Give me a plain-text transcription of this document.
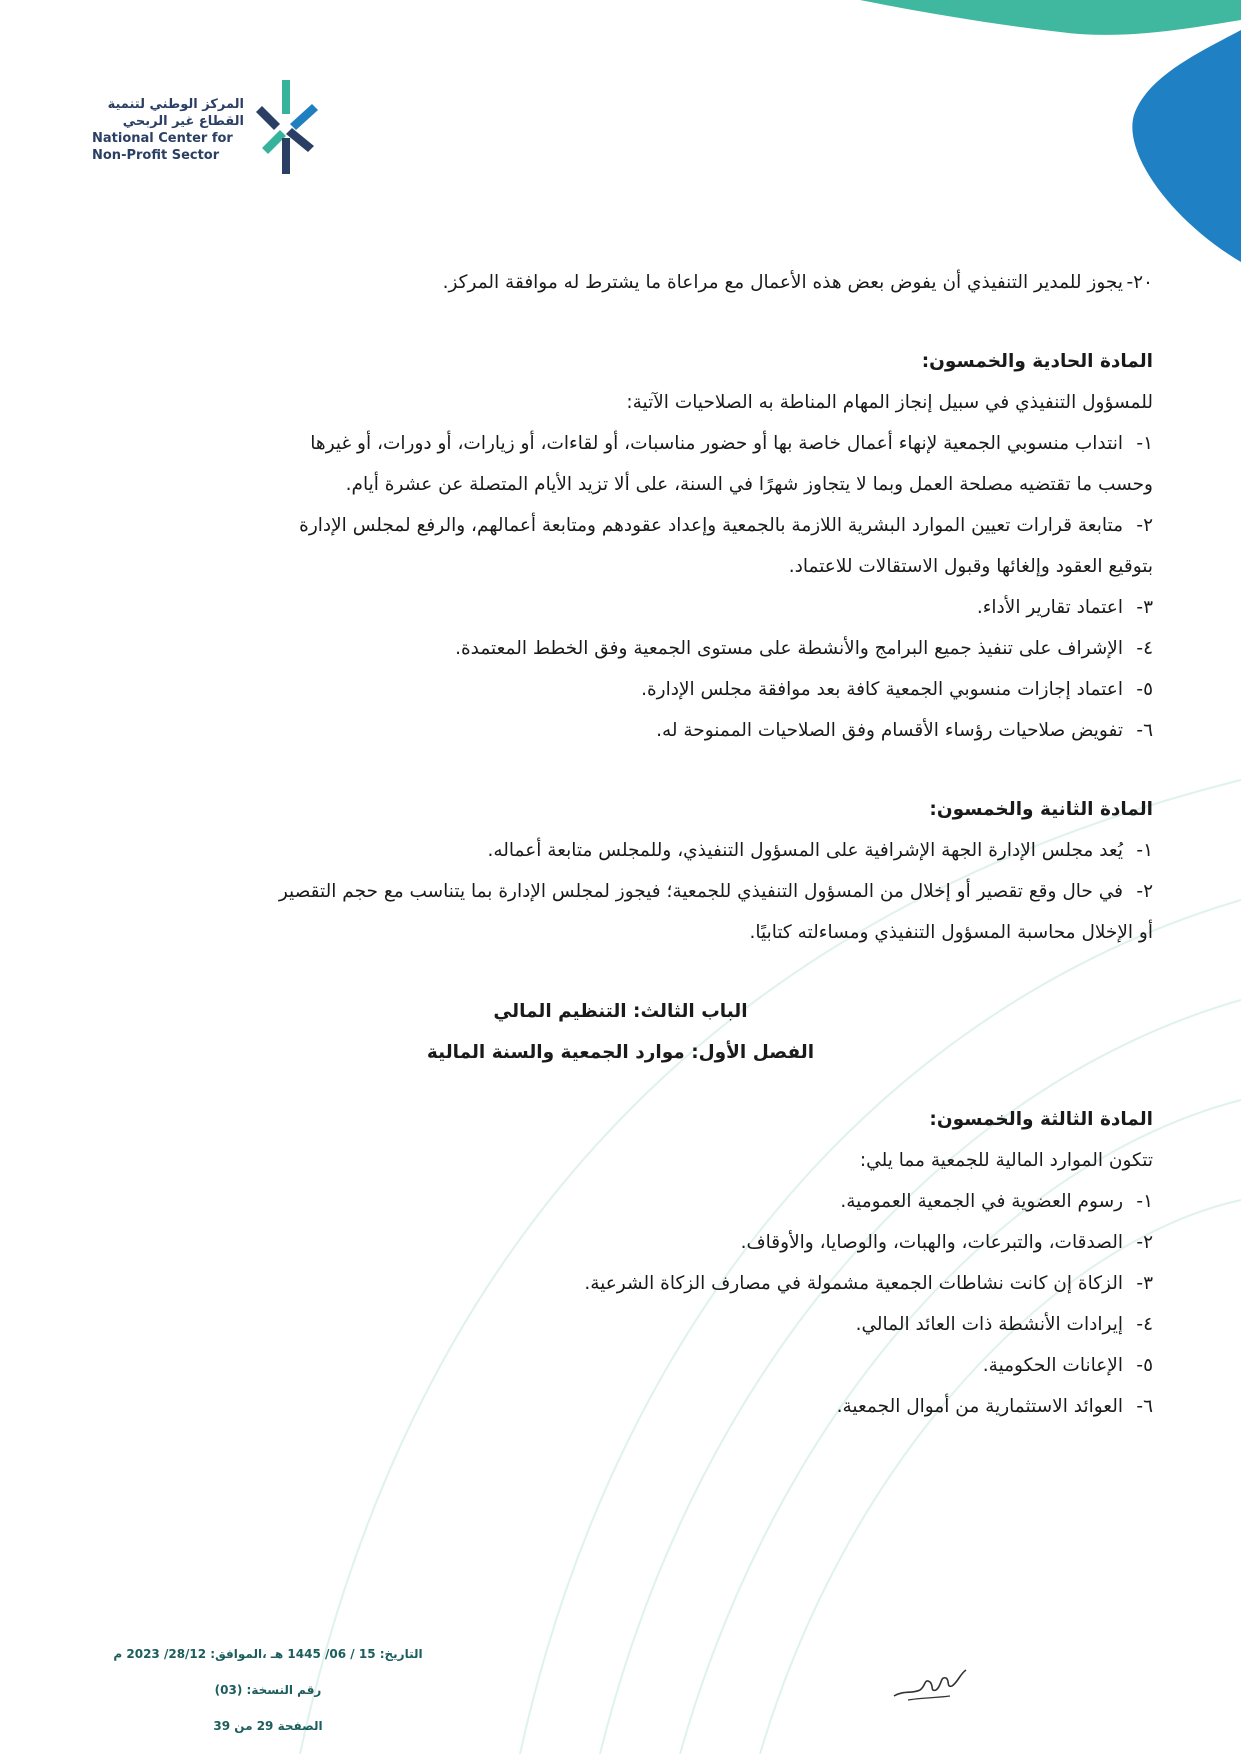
المركز الوطني لتنمية
القطاع غير الربحي
National Center for
Non-Profit Sector

٢٠-يجوز للمدير التنفيذي أن يفوض بعض هذه الأعمال مع مراعاة ما يشترط له موافقة المركز.

المادة الحادية والخمسون:

للمسؤول التنفيذي في سبيل إنجاز المهام المناطة به الصلاحيات الآتية:

١-انتداب منسوبي الجمعية لإنهاء أعمال خاصة بها أو حضور مناسبات، أو لقاءات، أو زيارات، أو دورات، أو غيرها

وحسب ما تقتضيه مصلحة العمل وبما لا يتجاوز شهرًا في السنة، على ألا تزيد الأيام المتصلة عن عشرة أيام.

٢-متابعة قرارات تعيين الموارد البشرية اللازمة بالجمعية وإعداد عقودهم ومتابعة أعمالهم، والرفع لمجلس الإدارة

بتوقيع العقود وإلغائها وقبول الاستقالات للاعتماد.

٣-اعتماد تقارير الأداء.

٤-الإشراف على تنفيذ جميع البرامج والأنشطة على مستوى الجمعية وفق الخطط المعتمدة.

٥-اعتماد إجازات منسوبي الجمعية كافة بعد موافقة مجلس الإدارة.

٦-تفويض صلاحيات رؤساء الأقسام وفق الصلاحيات الممنوحة له.

المادة الثانية والخمسون:

١-يُعد مجلس الإدارة الجهة الإشرافية على المسؤول التنفيذي، وللمجلس متابعة أعماله.

٢-في حال وقع تقصير أو إخلال من المسؤول التنفيذي للجمعية؛ فيجوز لمجلس الإدارة بما يتناسب مع حجم التقصير

أو الإخلال محاسبة المسؤول التنفيذي ومساءلته كتابيًا.

الباب الثالث: التنظيم المالي

الفصل الأول: موارد الجمعية والسنة المالية

المادة الثالثة والخمسون:

تتكون الموارد المالية للجمعية مما يلي:

١-رسوم العضوية في الجمعية العمومية.

٢-الصدقات، والتبرعات، والهبات، والوصايا، والأوقاف.

٣-الزكاة إن كانت نشاطات الجمعية مشمولة في مصارف الزكاة الشرعية.

٤-إيرادات الأنشطة ذات العائد المالي.

٥-الإعانات الحكومية.

٦-العوائد الاستثمارية من أموال الجمعية.

التاريخ: 15 / 06/ 1445 هـ ،الموافق: 28/12/ 2023 م
رقم النسخة: (03)
الصفحة 29 من 39
